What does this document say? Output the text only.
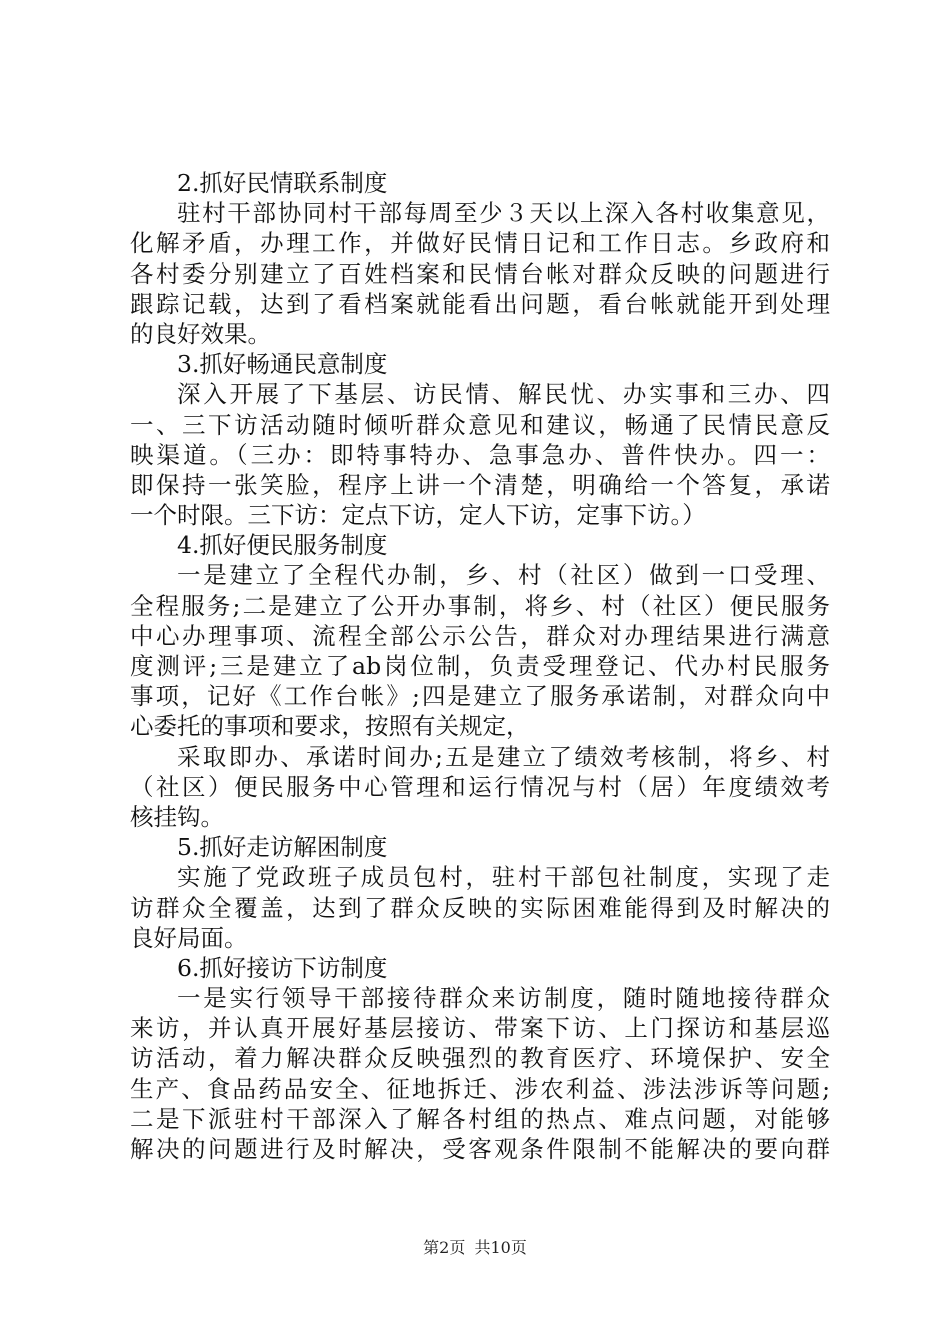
2.抓好民情联系制度
驻村干部协同村干部每周至少３天以上深入各村收集意见，
化解矛盾，办理工作，并做好民情日记和工作日志。乡政府和
各村委分别建立了百姓档案和民情台帐对群众反映的问题进行
跟踪记载，达到了看档案就能看出问题，看台帐就能开到处理
的良好效果。
3.抓好畅通民意制度
深入开展了下基层、访民情、解民忧、办实事和三办、四
一、三下访活动随时倾听群众意见和建议，畅通了民情民意反
映渠道。（三办：即特事特办、急事急办、普件快办。四一：
即保持一张笑脸，程序上讲一个清楚，明确给一个答复，承诺
一个时限。三下访：定点下访，定人下访，定事下访。）
4.抓好便民服务制度
一是建立了全程代办制，乡、村（社区）做到一口受理、
全程服务;二是建立了公开办事制，将乡、村（社区）便民服务
中心办理事项、流程全部公示公告，群众对办理结果进行满意
度测评;三是建立了ab岗位制，负责受理登记、代办村民服务
事项，记好《工作台帐》;四是建立了服务承诺制，对群众向中
心委托的事项和要求，按照有关规定，
采取即办、承诺时间办;五是建立了绩效考核制，将乡、村
（社区）便民服务中心管理和运行情况与村（居）年度绩效考
核挂钩。
5.抓好走访解困制度
实施了党政班子成员包村，驻村干部包社制度，实现了走
访群众全覆盖，达到了群众反映的实际困难能得到及时解决的
良好局面。
6.抓好接访下访制度
一是实行领导干部接待群众来访制度，随时随地接待群众
来访，并认真开展好基层接访、带案下访、上门探访和基层巡
访活动，着力解决群众反映强烈的教育医疗、环境保护、安全
生产、食品药品安全、征地拆迁、涉农利益、涉法涉诉等问题;
二是下派驻村干部深入了解各村组的热点、难点问题，对能够
解决的问题进行及时解决，受客观条件限制不能解决的要向群
第2页 共10页
